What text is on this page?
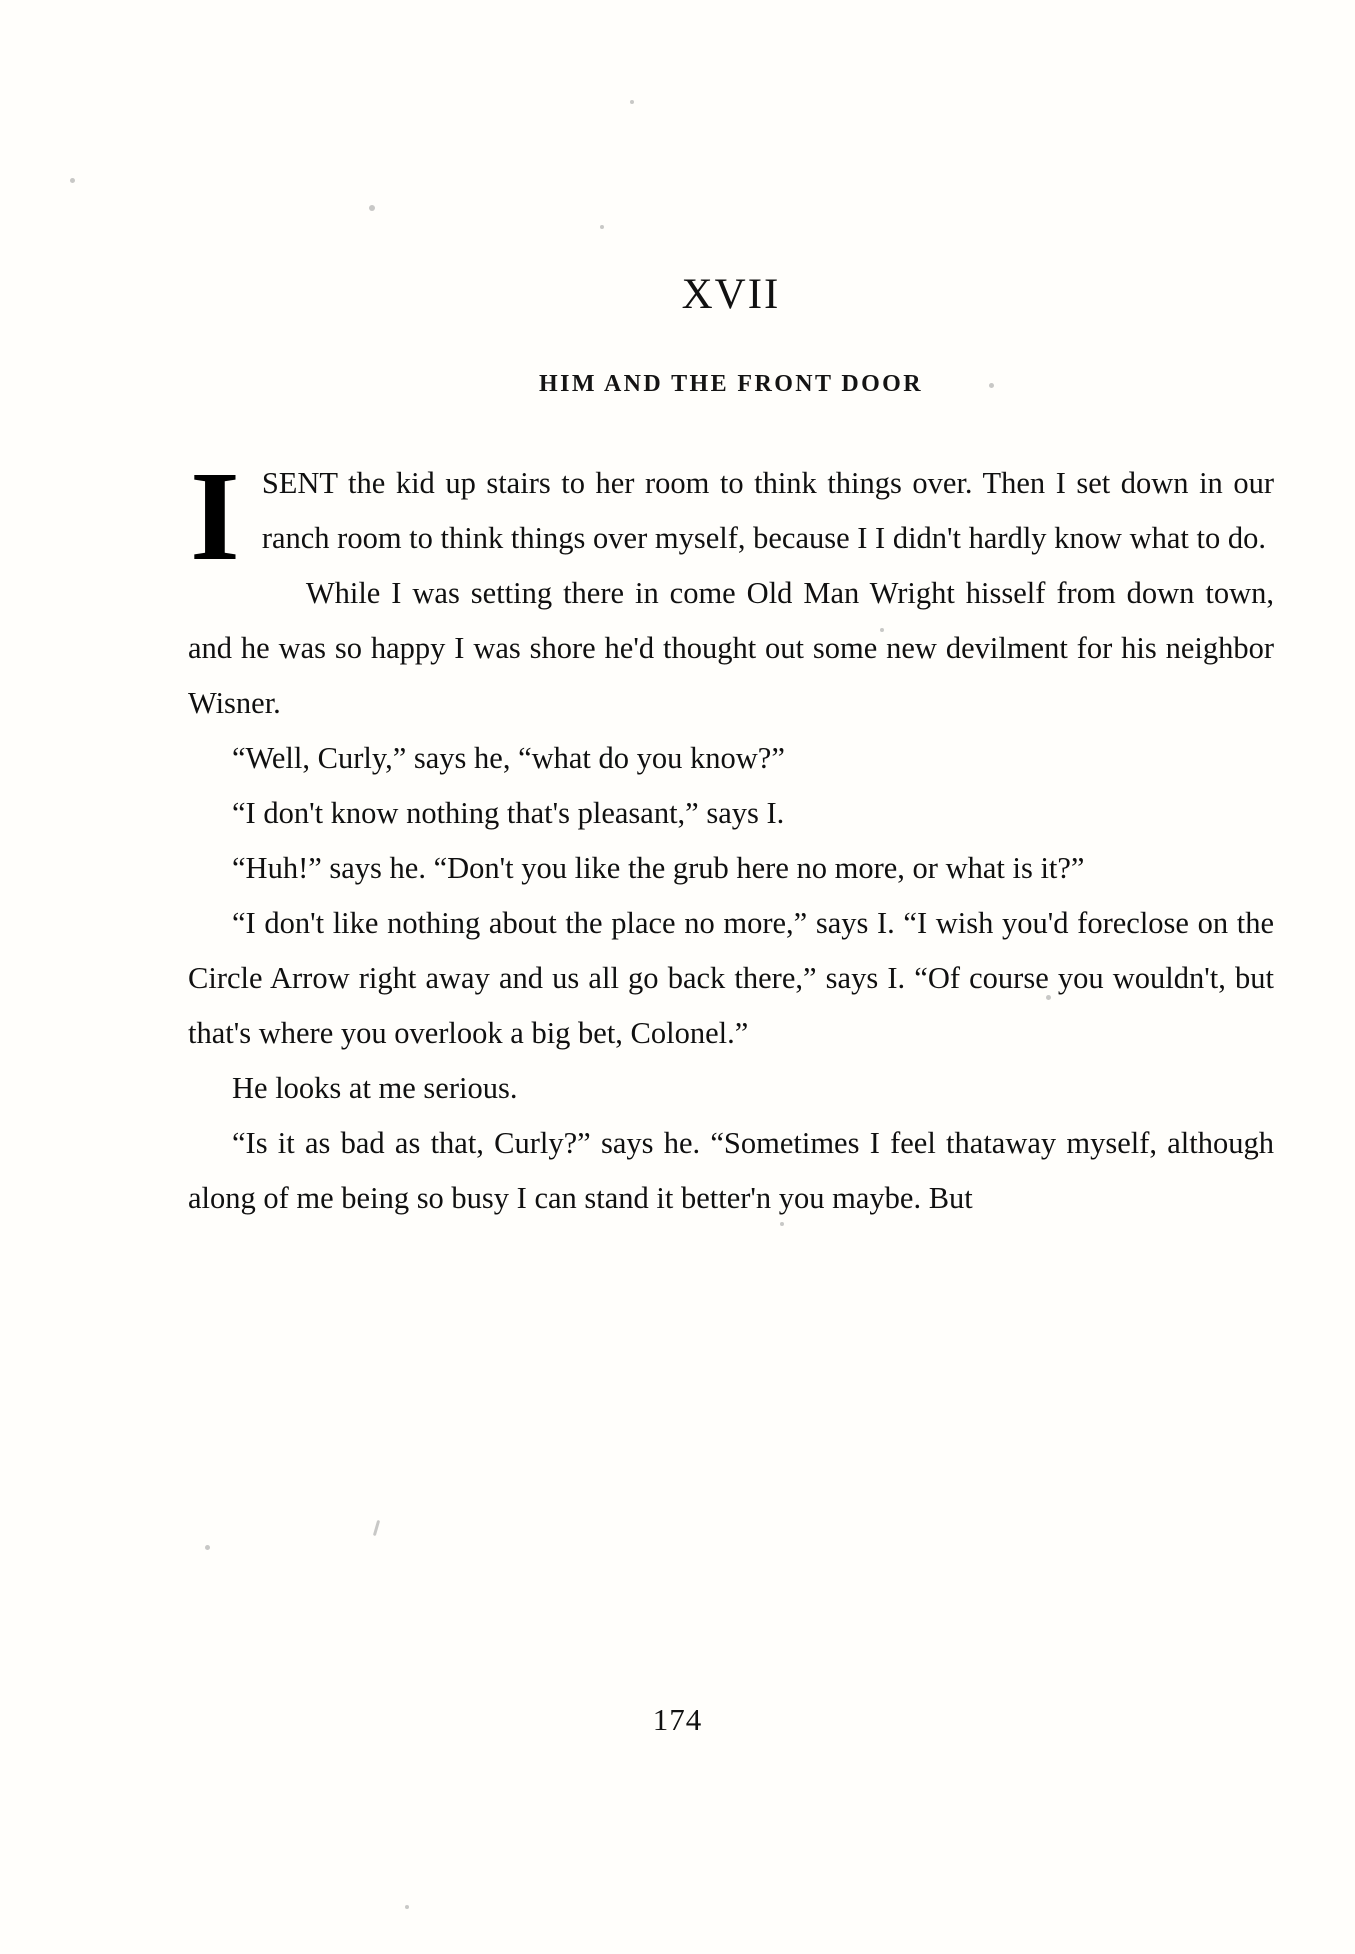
XVII
HIM AND THE FRONT DOOR

ISENT the kid up stairs to her room to think things over. Then I set down in our ranch room to think things over myself, because I I didn't hardly know what to do.

While I was setting there in come Old Man Wright hisself from down town, and he was so happy I was shore he'd thought out some new devilment for his neighbor Wisner.

“Well, Curly,” says he, “what do you know?”

“I don't know nothing that's pleasant,” says I.

“Huh!” says he. “Don't you like the grub here no more, or what is it?”

“I don't like nothing about the place no more,” says I. “I wish you'd foreclose on the Circle Arrow right away and us all go back there,” says I. “Of course you wouldn't, but that's where you overlook a big bet, Colonel.”

He looks at me serious.

“Is it as bad as that, Curly?” says he. “Sometimes I feel thataway myself, although along of me being so busy I can stand it better'n you maybe. But

174
